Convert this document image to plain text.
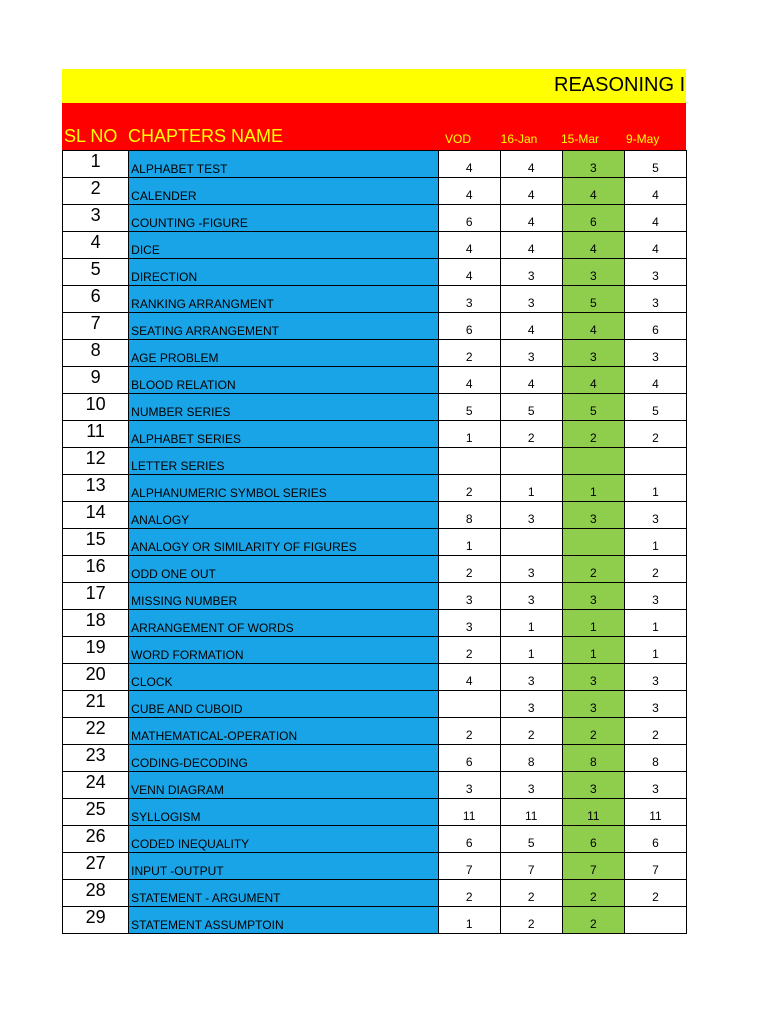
REASONING I
SL NO CHAPTERS NAME	VOD	16-Jan	15-Mar	9-May
1	ALPHABET TEST	4	4	3	5
2	CALENDER	4	4	4	4
3	COUNTING -FIGURE	6	4	6	4
4	DICE	4	4	4	4
5	DIRECTION	4	3	3	3
6	RANKING ARRANGMENT	3	3	5	3
7	SEATING ARRANGEMENT	6	4	4	6
8	AGE PROBLEM	2	3	3	3
9	BLOOD RELATION	4	4	4	4
10	NUMBER SERIES	5	5	5	5
11	ALPHABET SERIES	1	2	2	2
12	LETTER SERIES				
13	ALPHANUMERIC SYMBOL SERIES	2	1	1	1
14	ANALOGY	8	3	3	3
15	ANALOGY OR SIMILARITY OF FIGURES	1			1
16	ODD ONE OUT	2	3	2	2
17	MISSING NUMBER	3	3	3	3
18	ARRANGEMENT OF WORDS	3	1	1	1
19	WORD FORMATION	2	1	1	1
20	CLOCK	4	3	3	3
21	CUBE AND CUBOID		3	3	3
22	MATHEMATICAL-OPERATION	2	2	2	2
23	CODING-DECODING	6	8	8	8
24	VENN DIAGRAM	3	3	3	3
25	SYLLOGISM	11	11	11	11
26	CODED INEQUALITY	6	5	6	6
27	INPUT -OUTPUT	7	7	7	7
28	STATEMENT - ARGUMENT	2	2	2	2
29	STATEMENT ASSUMPTOIN	1	2	2	
